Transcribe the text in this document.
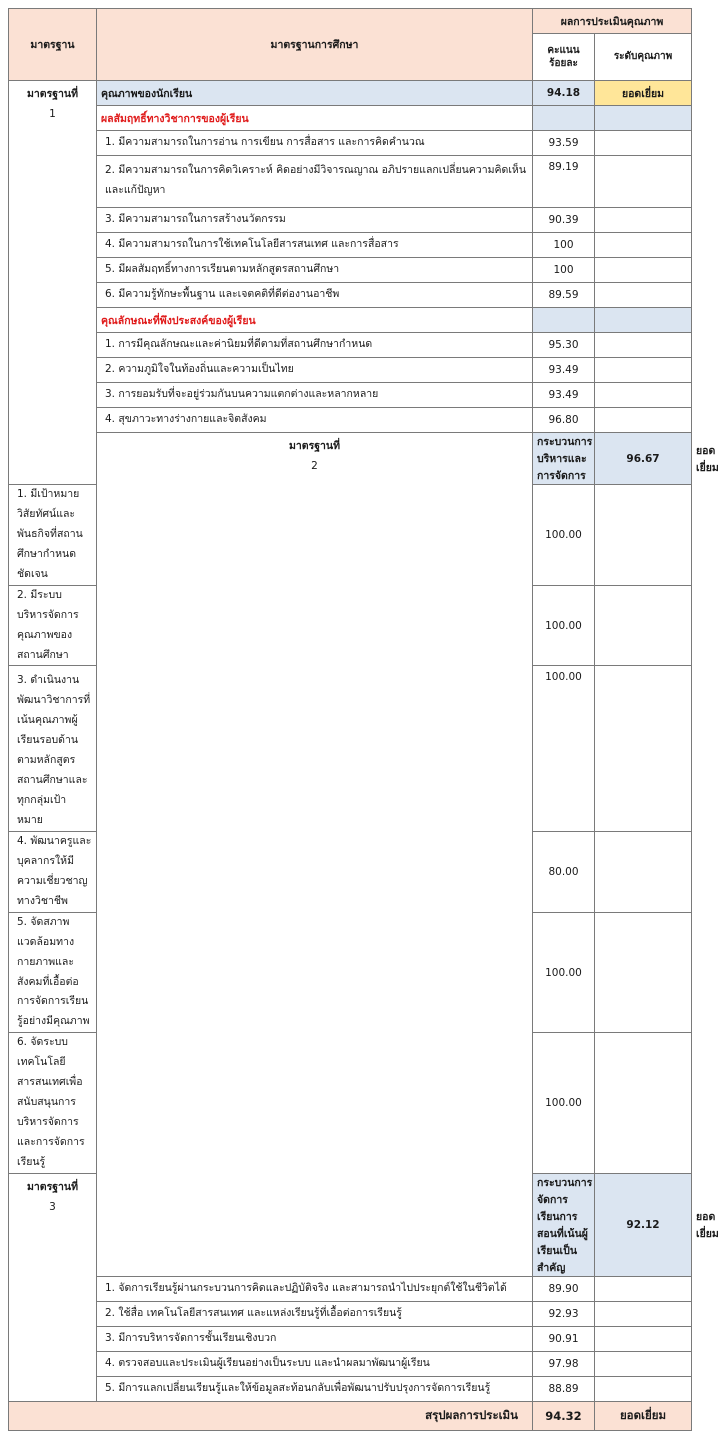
มาตรฐาน	มาตรฐานการศึกษา	ผลการประเมินคุณภาพ		
		คะแนน
ร้อยละ	ระดับคุณภาพ	
มาตรฐานที่
1	คุณภาพของนักเรียน	94.18	ยอดเยี่ยม	
	ผลสัมฤทธิ์ทางวิชาการของผู้เรียน			
	1. มีความสามารถในการอ่าน การเขียน การสื่อสาร และการคิดคำนวณ	93.59		
	2. มีความสามารถในการคิดวิเคราะห์ คิดอย่างมีวิจารณญาณ อภิปรายแลกเปลี่ยนความคิดเห็นและแก้ปัญหา	89.19		
	3. มีความสามารถในการสร้างนวัตกรรม	90.39		
	4. มีความสามารถในการใช้เทคโนโลยีสารสนเทศ และการสื่อสาร	100		
	5. มีผลสัมฤทธิ์ทางการเรียนตามหลักสูตรสถานศึกษา	100		
	6. มีความรู้ทักษะพื้นฐาน และเจตคติที่ดีต่องานอาชีพ	89.59		
	คุณลักษณะที่พึงประสงค์ของผู้เรียน			
	1. การมีคุณลักษณะและค่านิยมที่ดีตามที่สถานศึกษากำหนด	95.30		
	2. ความภูมิใจในท้องถิ่นและความเป็นไทย	93.49		
	3. การยอมรับที่จะอยู่ร่วมกันบนความแตกต่างและหลากหลาย	93.49		
	4. สุขภาวะทางร่างกายและจิตสังคม	96.80		
	มาตรฐานที่
2	กระบวนการบริหารและการจัดการ	96.67	ยอดเยี่ยม
1. มีเป้าหมายวิสัยทัศน์และพันธกิจที่สถานศึกษากำหนดชัดเจน		100.00		
2. มีระบบบริหารจัดการคุณภาพของสถานศึกษา		100.00		
3. ดำเนินงานพัฒนาวิชาการที่เน้นคุณภาพผู้เรียนรอบด้านตามหลักสูตรสถานศึกษาและทุกกลุ่มเป้าหมาย		100.00		
4. พัฒนาครูและบุคลากรให้มีความเชี่ยวชาญทางวิชาชีพ		80.00		
5. จัดสภาพแวดล้อมทางกายภาพและสังคมที่เอื้อต่อการจัดการเรียนรู้อย่างมีคุณภาพ		100.00		
6. จัดระบบเทคโนโลยีสารสนเทศเพื่อสนับสนุนการบริหารจัดการและการจัดการเรียนรู้		100.00		
มาตรฐานที่
3		กระบวนการจัดการเรียนการสอนที่เน้นผู้เรียนเป็นสำคัญ	92.12	ยอดเยี่ยม
	1. จัดการเรียนรู้ผ่านกระบวนการคิดและปฏิบัติจริง และสามารถนำไปประยุกต์ใช้ในชีวิตได้	89.90		
	2. ใช้สื่อ เทคโนโลยีสารสนเทศ และแหล่งเรียนรู้ที่เอื้อต่อการเรียนรู้	92.93		
	3. มีการบริหารจัดการชั้นเรียนเชิงบวก	90.91		
	4. ตรวจสอบและประเมินผู้เรียนอย่างเป็นระบบ และนำผลมาพัฒนาผู้เรียน	97.98		
	5. มีการแลกเปลี่ยนเรียนรู้และให้ข้อมูลสะท้อนกลับเพื่อพัฒนาปรับปรุงการจัดการเรียนรู้	88.89		
สรุปผลการประเมิน		94.32	ยอดเยี่ยม	
